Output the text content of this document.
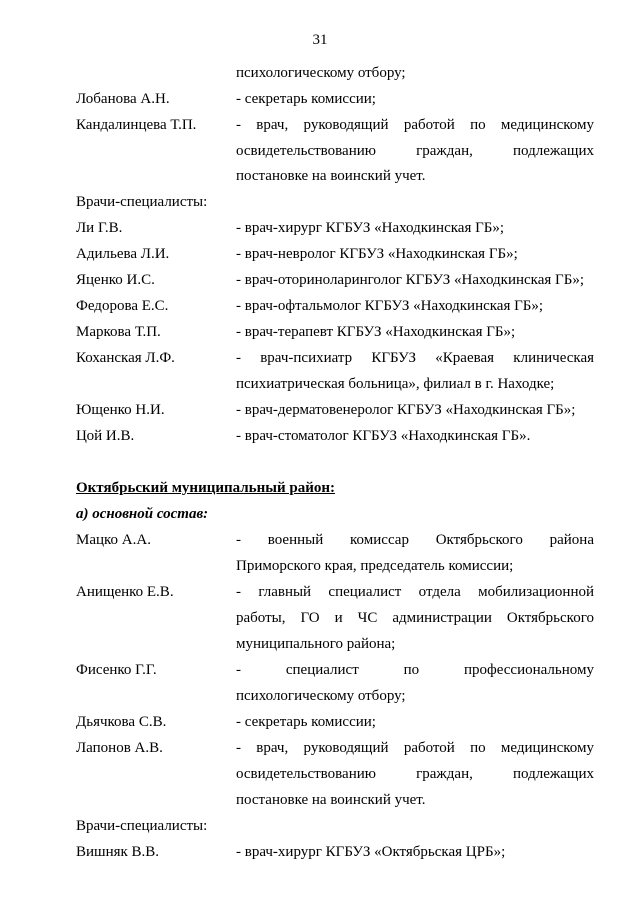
31
психологическому отбору;
Лобанова А.Н.	- секретарь комиссии;
Кандалинцева Т.П.	- врач, руководящий работой по медицинскому
освидетельствованию граждан, подлежащих
постановке на воинский учет.
Врачи-специалисты:
Ли Г.В.	- врач-хирург КГБУЗ «Находкинская ГБ»;
Адильева Л.И.	- врач-невролог КГБУЗ «Находкинская ГБ»;
Яценко И.С.	- врач-оториноларинголог КГБУЗ «Находкинская ГБ»;
Федорова Е.С.	- врач-офтальмолог КГБУЗ «Находкинская ГБ»;
Маркова Т.П.	- врач-терапевт КГБУЗ «Находкинская ГБ»;
Коханская Л.Ф.	- врач-психиатр КГБУЗ «Краевая клиническая
психиатрическая больница», филиал в г. Находке;
Ющенко Н.И.	- врач-дерматовенеролог КГБУЗ «Находкинская ГБ»;
Цой И.В.	- врач-стоматолог КГБУЗ «Находкинская ГБ».
Октябрьский муниципальный район:
а) основной состав:
Мацко А.А.	- военный комиссар Октябрьского района
Приморского края, председатель комиссии;
Анищенко Е.В.	- главный специалист отдела мобилизационной
работы, ГО и ЧС администрации Октябрьского
муниципального района;
Фисенко Г.Г.	- специалист по профессиональному
психологическому отбору;
Дьячкова С.В.	- секретарь комиссии;
Лапонов А.В.	- врач, руководящий работой по медицинскому
освидетельствованию граждан, подлежащих
постановке на воинский учет.
Врачи-специалисты:
Вишняк В.В.	- врач-хирург КГБУЗ «Октябрьская ЦРБ»;
